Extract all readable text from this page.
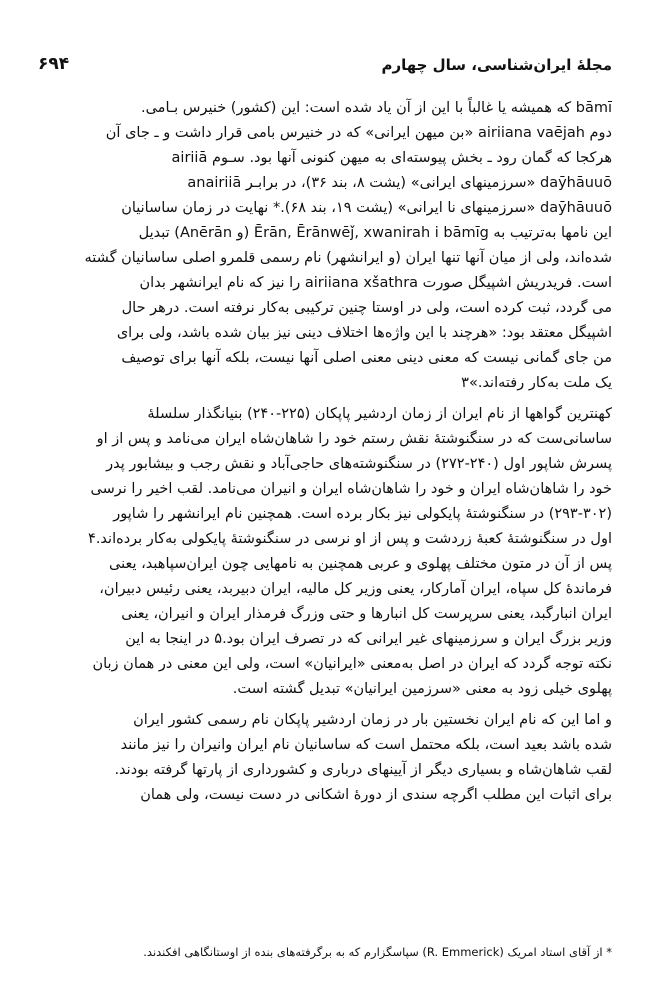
۶۹۴	مجلهٔ ایران‌شناسی، سال چهارم

bāmī که همیشه یا غالباً با این از آن یاد شده است: این (کشور) خنیرس بـامی.
دوم airiiana vaējah «بن میهن ایرانی» که در خنیرس بامی قرار داشت و ـ جای آن
هرکجا که گمان رود ـ بخش پیوسته‌ای به میهن کنونی آنها بود. سـوم airiiā
daȳhāuuō «سرزمینهای ایرانی» (یشت ۸، بند ۳۶)، در برابـر anairiiā
daȳhāuuō «سرزمینهای نا ایرانی» (یشت ۱۹، بند ۶۸).* نهایت در زمان ساسانیان
این نامها به‌ترتیب به Ērān, Ērānwēȷ̌, xwanirah i bāmīg (و Anērān) تبدیل
شده‌اند، ولی از میان آنها تنها ایران (و ایرانشهر) نام رسمی قلمرو اصلی ساسانیان گشته
است. فریدریش اشپیگل صورت airiiana xšathra را نیز که نام ایرانشهر بدان
می گردد، ثبت کرده است، ولی در اوستا چنین ترکیبی به‌کار نرفته است. درهر حال
اشپیگل معتقد بود: «هرچند با این واژه‌ها اختلاف دینی نیز بیان شده باشد، ولی برای
من جای گمانی نیست که معنی دینی معنی اصلی آنها نیست، بلکه آنها برای توصیف
یک ملت به‌کار رفته‌اند.»۳

کهنترین گواهها از نام ایران از زمان اردشیر پاپکان (۲۲۵-۲۴۰) بنیانگذار سلسلهٔ
ساسانی‌ست که در سنگنوشتهٔ نقش رستم خود را شاهان‌شاه ایران می‌نامد و پس از او
پسرش شاپور اول (۲۴۰-۲۷۲) در سنگنوشته‌های حاجی‌آباد و نقش رجب و بیشابور پدر
خود را شاهان‌شاه ایران و خود را شاهان‌شاه ایران و انیران می‌نامد. لقب اخیر را نرسی
(۲۹۳-۳۰۲) در سنگنوشتهٔ پایکولی نیز بکار برده است. همچنین نام ایرانشهر را شاپور
اول در سنگنوشتهٔ کعبهٔ زردشت و پس از او نرسی در سنگنوشتهٔ پایکولی به‌کار برده‌اند.۴
پس از آن در متون مختلف پهلوی و عربی همچنین به نامهایی چون ایران‌سپاهبد، یعنی
فرماندهٔ کل سپاه، ایران آمارکار، یعنی وزیر کل مالیه، ایران دبیربد، یعنی رئیس دبیران،
ایران انبارگبد، یعنی سرپرست کل انبارها و حتی وزرگ فرمذار ایران و انیران، یعنی
وزیر بزرگ ایران و سرزمینهای غیر ایرانی که در تصرف ایران بود.۵ در اینجا به این
نکته توجه گردد که ایران در اصل به‌معنی «ایرانیان» است، ولی این معنی در همان زبان
پهلوی خیلی زود به معنی «سرزمین ایرانیان» تبدیل گشته است.

و اما این که نام ایران نخستین بار در زمان اردشیر پاپکان نام رسمی کشور ایران
شده باشد بعید است، بلکه محتمل است که ساسانیان نام ایران وانیران را نیز مانند
لقب شاهان‌شاه و بسیاری دیگر از آیینهای درباری و کشورداری از پارتها گرفته بودند.
برای اثبات این مطلب اگرچه سندی از دورهٔ اشکانی در دست نیست، ولی همان

* از آقای استاد امریک (R. Emmerick) سپاسگزارم که به برگرفته‌های بنده از اوستانگاهی افکندند.
